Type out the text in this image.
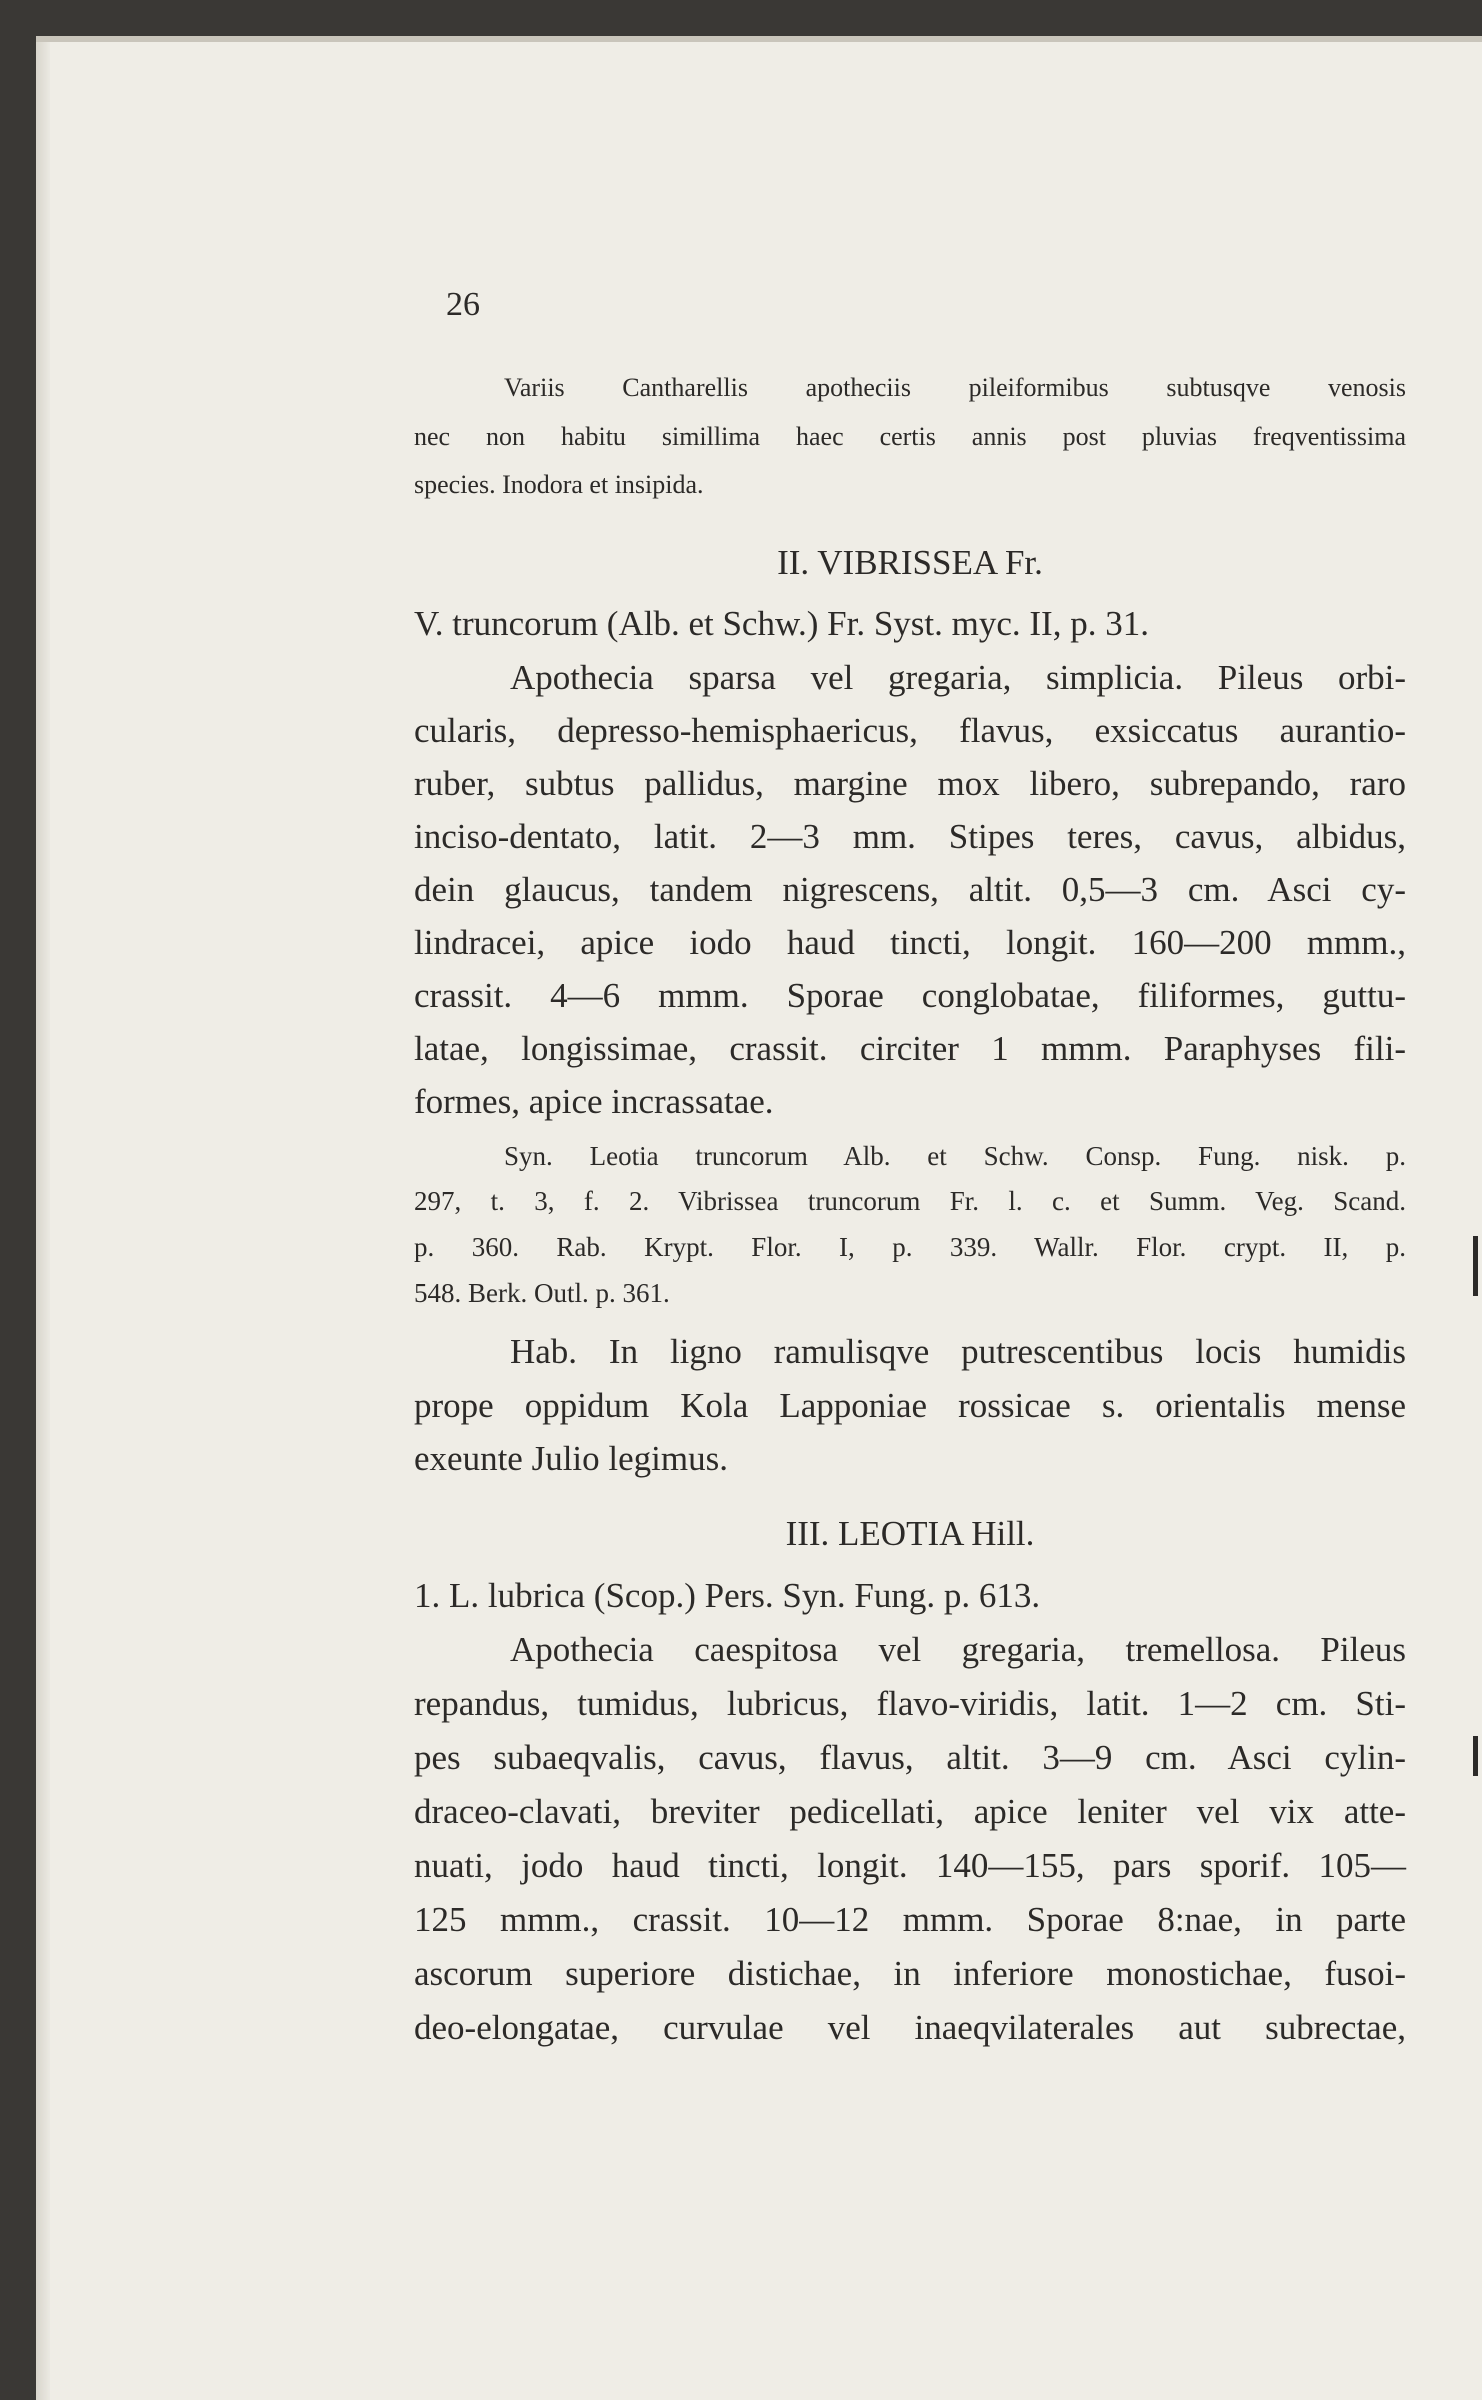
26
Variis Cantharellis apotheciis pileiformibus subtusqve venosis
nec non habitu simillima haec certis annis post pluvias freqventissima
species. Inodora et insipida.
II. VIBRISSEA Fr.
V. truncorum (Alb. et Schw.) Fr. Syst. myc. II, p. 31.
Apothecia sparsa vel gregaria, simplicia. Pileus orbi-
cularis, depresso-hemisphaericus, flavus, exsiccatus aurantio-
ruber, subtus pallidus, margine mox libero, subrepando, raro
inciso-dentato, latit. 2—3 mm. Stipes teres, cavus, albidus,
dein glaucus, tandem nigrescens, altit. 0,5—3 cm. Asci cy-
lindracei, apice iodo haud tincti, longit. 160—200 mmm.,
crassit. 4—6 mmm. Sporae conglobatae, filiformes, guttu-
latae, longissimae, crassit. circiter 1 mmm. Paraphyses fili-
formes, apice incrassatae.
Syn. Leotia truncorum Alb. et Schw. Consp. Fung. nisk. p.
297, t. 3, f. 2. Vibrissea truncorum Fr. l. c. et Summ. Veg. Scand.
p. 360. Rab. Krypt. Flor. I, p. 339. Wallr. Flor. crypt. II, p.
548. Berk. Outl. p. 361.
Hab. In ligno ramulisqve putrescentibus locis humidis
prope oppidum Kola Lapponiae rossicae s. orientalis mense
exeunte Julio legimus.
III. LEOTIA Hill.
1. L. lubrica (Scop.) Pers. Syn. Fung. p. 613.
Apothecia caespitosa vel gregaria, tremellosa. Pileus
repandus, tumidus, lubricus, flavo-viridis, latit. 1—2 cm. Sti-
pes subaeqvalis, cavus, flavus, altit. 3—9 cm. Asci cylin-
draceo-clavati, breviter pedicellati, apice leniter vel vix atte-
nuati, jodo haud tincti, longit. 140—155, pars sporif. 105—
125 mmm., crassit. 10—12 mmm. Sporae 8:nae, in parte
ascorum superiore distichae, in inferiore monostichae, fusoi-
deo-elongatae, curvulae vel inaeqvilaterales aut subrectae,
